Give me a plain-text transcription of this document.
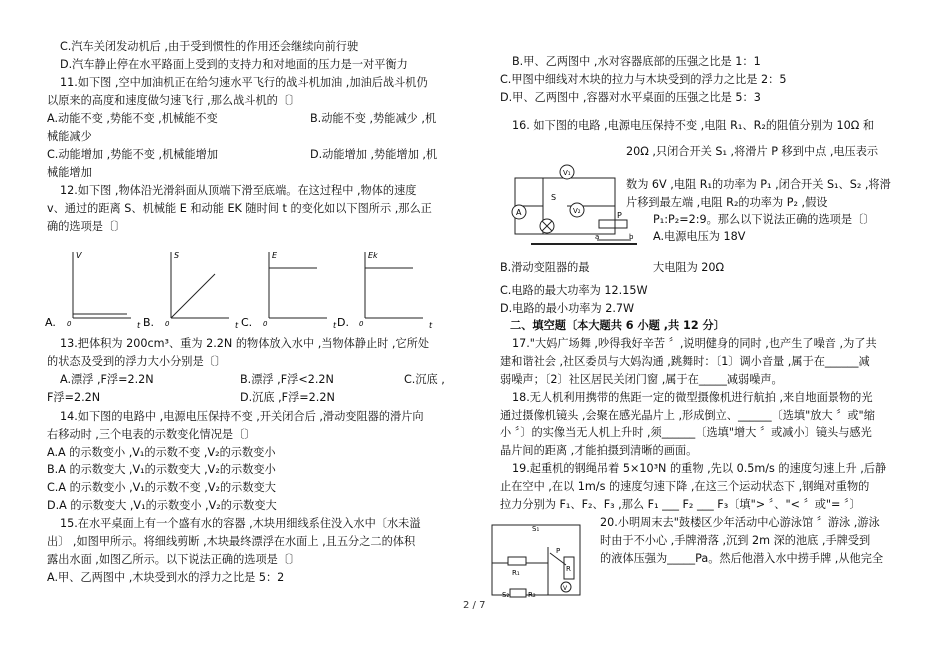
C.汽车关闭发动机后 ,由于受到惯性的作用还会继续向前行驶
D.汽车静止停在水平路面上受到的支持力和对地面的压力是一对平衡力
11.如下图 ,空中加油机正在给匀速水平飞行的战斗机加油 ,加油后战斗机仍
以原来的高度和速度做匀速飞行 ,那么战斗机的〔〕
A.动能不变 ,势能不变 ,机械能不变	B.动能不变 ,势能减少 ,机
械能减少
C.动能增加 ,势能不变 ,机械能增加	D.动能增加 ,势能增加 ,机
械能增加
12.如下图 ,物体沿光滑斜面从顶端下滑至底端。在这过程中 ,物体的速度
v、通过的距离 S、机械能 E 和动能 EK 随时间 t 的变化如以下图所示 ,那么正
确的选项是〔〕
A.
V
t
0	B.
S
t
0	C.
E
t
0	D.
Ek
t
0
13.把体积为 200cm³、重为 2.2N 的物体放入水中 ,当物体静止时 ,它所处
的状态及受到的浮力大小分别是〔〕
A.漂浮 ,F浮=2.2N	B.漂浮 ,F浮<2.2N	C.沉底 ,
F浮=2.2N	D.沉底 ,F浮=2.2N
14.如下图的电路中 ,电源电压保持不变 ,开关闭合后 ,滑动变阻器的滑片向
右移动时 ,三个电表的示数变化情况是〔〕
A.A 的示数变小 ,V₁的示数不变 ,V₂的示数变小
B.A 的示数变大 ,V₁的示数变大 ,V₂的示数变小
C.A 的示数变小 ,V₁的示数不变 ,V₂的示数变大
D.A 的示数变大 ,V₁的示数变小 ,V₂的示数变大
15.在水平桌面上有一个盛有水的容器 ,木块用细线系住没入水中〔水未溢
出〕 ,如图甲所示。将细线剪断 ,木块最终漂浮在水面上 ,且五分之二的体积
露出水面 ,如图乙所示。以下说法正确的选项是〔〕
A.甲、乙两图中 ,木块受到水的浮力之比是 5：2
B.甲、乙两图中 ,水对容器底部的压强之比是 1：1
C.甲图中细线对木块的拉力与木块受到的浮力之比是 2：5
D.甲、乙两图中 ,容器对水平桌面的压强之比是 5：3
16. 如下图的电路 ,电源电压保持不变 ,电阻 R₁、R₂的阻值分别为 10Ω 和
20Ω ,只闭合开关 S₁ ,将滑片 P 移到中点 ,电压表示
数为 6V ,电阻 R₁的功率为 P₁ ,闭合开关 S₁、S₂ ,将滑
片移到最左端 ,电阻 R₂的功率为 P₂ ,假设
P₁:P₂=2:9。那么以下说法正确的选项是〔〕
A.电源电压为 18V
V₁
V₂
A
S
P
a	b
B.滑动变阻器的最	大电阻为 20Ω
C.电路的最大功率为 12.15W
D.电路的最小功率为 2.7W
二、填空题〔本大题共 6 小题 ,共 12 分〕
17."大妈广场舞 ,吵得我好辛苦 〞,说明健身的同时 ,也产生了噪音 ,为了共
建和谐社会 ,社区委员与大妈沟通 ,跳舞时：〔1〕调小音量 ,属于在______减
弱噪声；〔2〕社区居民关闭门窗 ,属于在_____减弱噪声。
18.无人机利用携带的焦距一定的微型摄像机进行航拍 ,来自地面景物的光
通过摄像机镜头 ,会聚在感光晶片上 ,形成倒立、______〔选填"放大 〞或"缩
小 〞〕的实像当无人机上升时 ,须______〔选填"增大 〞或减小〕镜头与感光
晶片间的距离 ,才能拍摄到清晰的画面。
19.起重机的钢绳吊着 5×10³N 的重物 ,先以 0.5m/s 的速度匀速上升 ,后静
止在空中 ,在以 1m/s 的速度匀速下降 ,在这三个运动状态下 ,钢绳对重物的
拉力分别为 F₁、F₂、F₃ ,那么 F₁ ___ F₂ ___ F₃〔填"> 〞、"< 〞或"= 〞〕
20.小明周末去"鼓楼区少年活动中心游泳馆 〞游泳 ,游泳
时由于不小心 ,手牌滑落 ,沉到 2m 深的池底 ,手牌受到
的液体压强为_____Pa。然后他潜入水中捞手牌 ,从他完全
S₁
S₂
R₁
R₂
P
R
V
2 / 7
